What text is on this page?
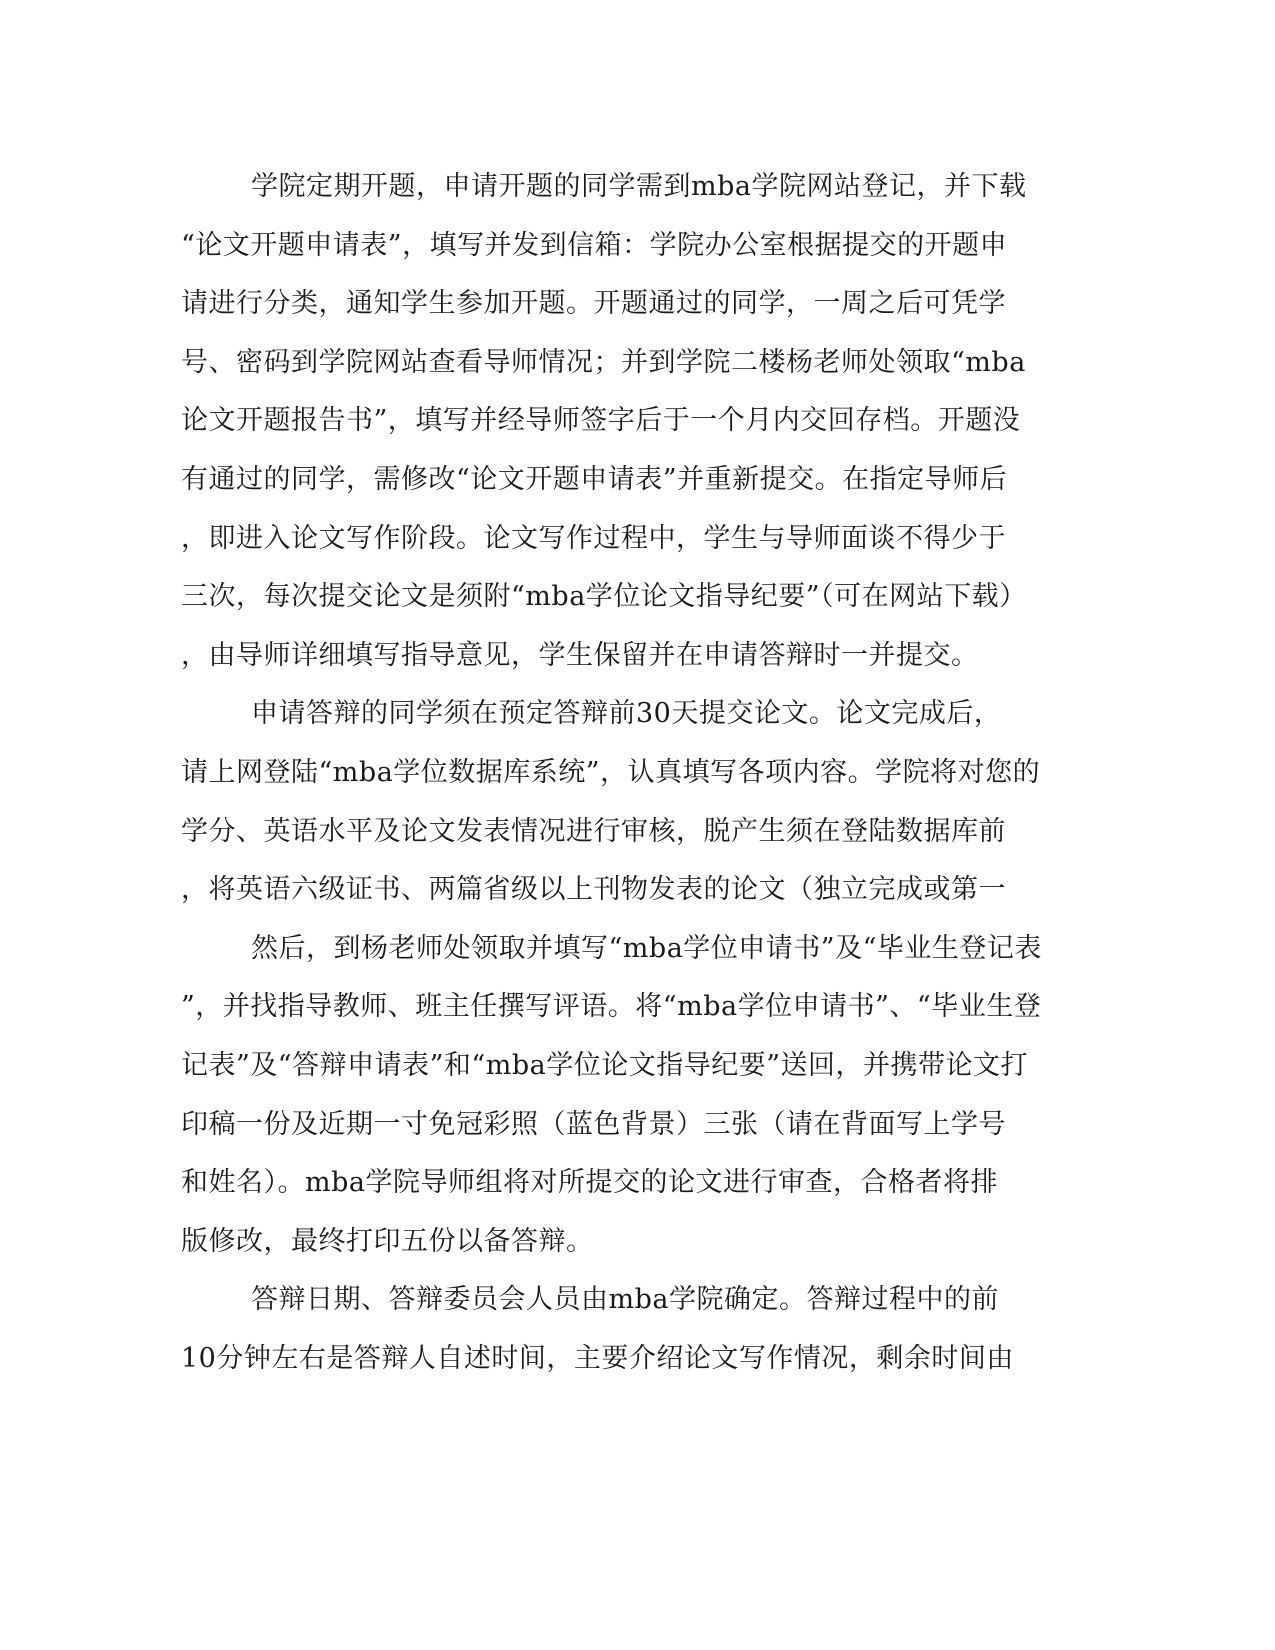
学院定期开题，申请开题的同学需到mba学院网站登记，并下载
“论文开题申请表”，填写并发到信箱：学院办公室根据提交的开题申
请进行分类，通知学生参加开题。开题通过的同学，一周之后可凭学
号、密码到学院网站查看导师情况；并到学院二楼杨老师处领取“mba
论文开题报告书”，填写并经导师签字后于一个月内交回存档。开题没
有通过的同学，需修改“论文开题申请表”并重新提交。在指定导师后
，即进入论文写作阶段。论文写作过程中，学生与导师面谈不得少于
三次，每次提交论文是须附“mba学位论文指导纪要”（可在网站下载）
，由导师详细填写指导意见，学生保留并在申请答辩时一并提交。
申请答辩的同学须在预定答辩前30天提交论文。论文完成后，
请上网登陆“mba学位数据库系统”，认真填写各项内容。学院将对您的
学分、英语水平及论文发表情况进行审核，脱产生须在登陆数据库前
，将英语六级证书、两篇省级以上刊物发表的论文（独立完成或第一
然后，到杨老师处领取并填写“mba学位申请书”及“毕业生登记表
”，并找指导教师、班主任撰写评语。将“mba学位申请书”、“毕业生登
记表”及“答辩申请表”和“mba学位论文指导纪要”送回，并携带论文打
印稿一份及近期一寸免冠彩照（蓝色背景）三张（请在背面写上学号
和姓名）。mba学院导师组将对所提交的论文进行审查，合格者将排
版修改，最终打印五份以备答辩。
答辩日期、答辩委员会人员由mba学院确定。答辩过程中的前
10分钟左右是答辩人自述时间，主要介绍论文写作情况，剩余时间由
